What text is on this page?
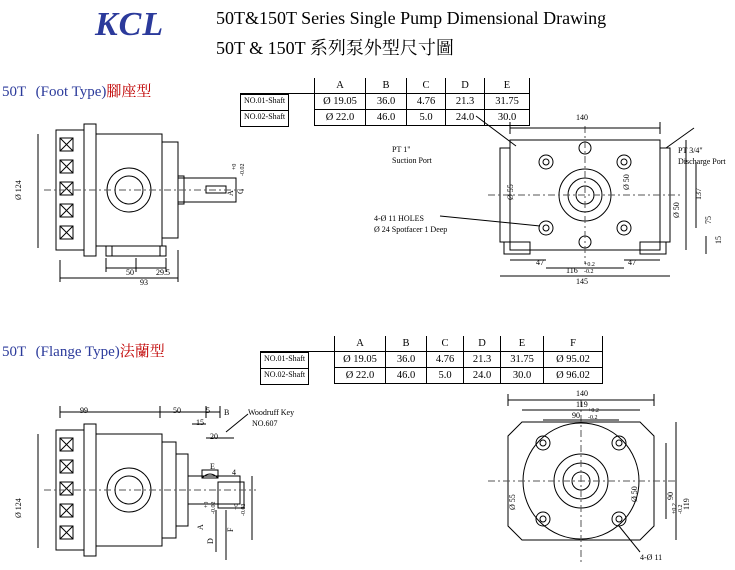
KCL	50T&150T Series Single Pump Dimensional Drawing
50T & 150T 系列泵外型尺寸圖
50T (Foot Type)腳座型
		A	B	C	D	E

NO.01-Shaft	Ø 19.05	36.0	4.76	21.3	31.75

NO.02-Shaft	Ø 22.0	46.0	5.0	24.0	30.0
50	29.5
93
Ø 124	C
A
+0 -0.02
140
137
75
15
47	47
116
+0.2
-0.2
145
Ø 55
Ø 50
Ø 50
PT 1"
Suction Port
PT 3/4"
Discharge Port
4-Ø 11 HOLES
Ø 24 Spotfacer 1 Deep
50T (Flange Type)法蘭型
	A	B	C	D	E	F

NO.01-Shaft	Ø 19.05	36.0	4.76	21.3	31.75	Ø 95.02

NO.02-Shaft	Ø 22.0	46.0	5.0	24.0	30.0	Ø 96.02
99	50	5
15
20
4
B
E
F
A
D
+0 -0.03
+0 -0.02
Ø 124
Woodruff Key
NO.607
140
119
90 +0.2
-0.2
119
90
+0.2 -0.2
Ø 55
Ø 50
4-Ø 11
